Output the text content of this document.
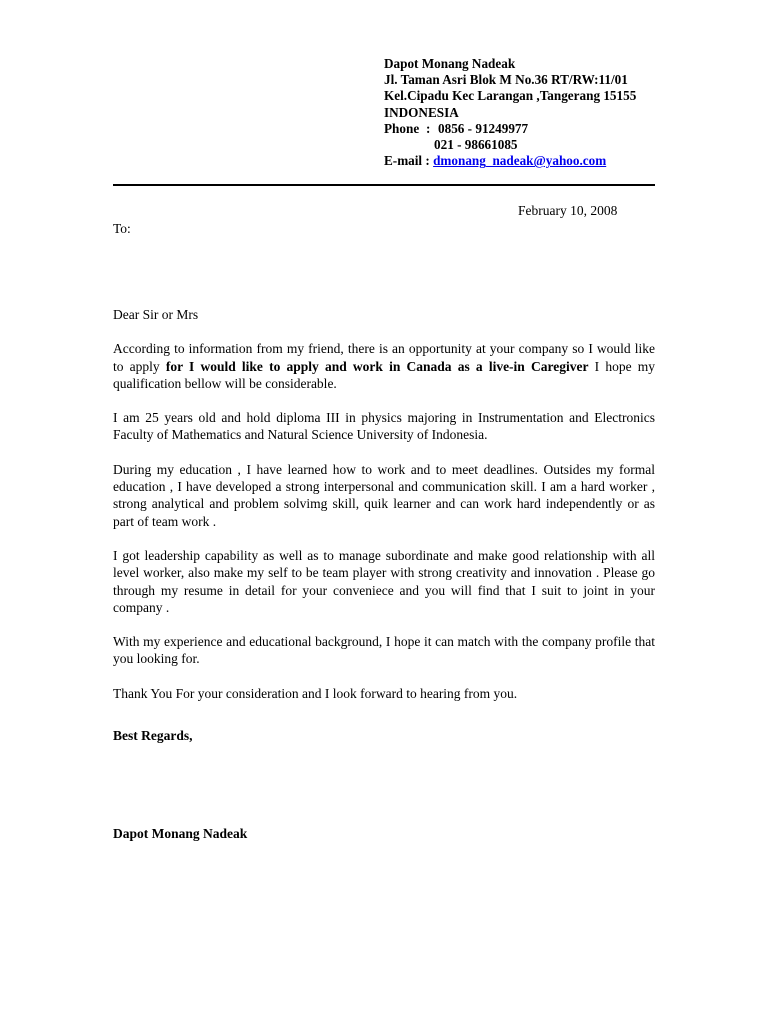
Dapot Monang Nadeak
Jl. Taman Asri Blok M No.36 RT/RW:11/01
Kel.Cipadu Kec Larangan ,Tangerang 15155
INDONESIA
Phone : 0856 - 91249977
021 - 98661085
E-mail : dmonang_nadeak@yahoo.com
February 10, 2008
To:

Dear Sir or Mrs

According to information from my friend, there is an opportunity at your company so I would like to apply for I would like to apply and work in Canada as a live-in Caregiver I hope my qualification bellow will be considerable.

I am 25 years old and hold diploma III in physics majoring in Instrumentation and Electronics Faculty of Mathematics and Natural Science University of Indonesia.

During my education , I have learned how to work and to meet deadlines. Outsides my formal education , I have developed a strong interpersonal and communication skill. I am a hard worker , strong analytical and problem solvimg skill, quik learner and can work hard independently or as part of team work .

I got leadership capability as well as to manage subordinate and make good relationship with all level worker, also make my self to be team player with strong creativity and innovation . Please go through my resume in detail for your conveniece and you will find that I suit to joint in your company .

With my experience and educational background, I hope it can match with the company profile that you looking for.

Thank You For your consideration and I look forward to hearing from you.

Best Regards,

Dapot Monang Nadeak
